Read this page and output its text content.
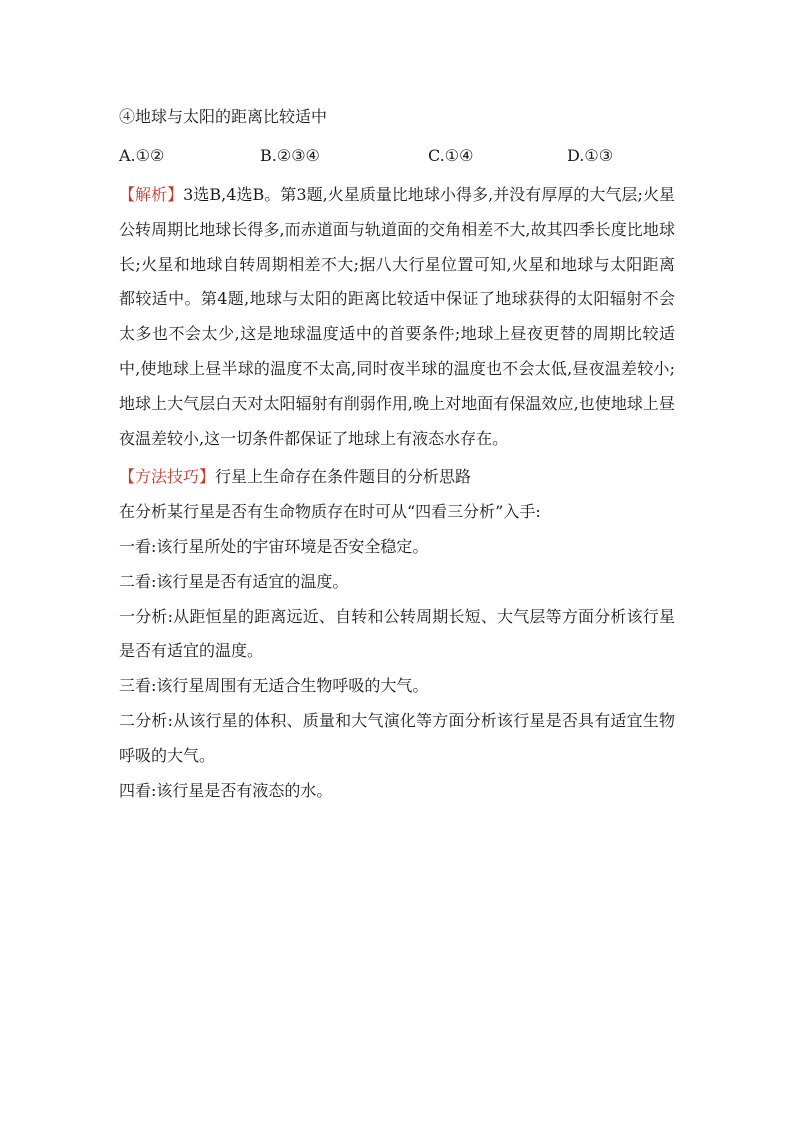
④地球与太阳的距离比较适中
A.①②	B.②③④	C.①④	D.①③
【解析】3选B,4选B。第3题,火星质量比地球小得多,并没有厚厚的大气层;火星公转周期比地球长得多,而赤道面与轨道面的交角相差不大,故其四季长度比地球长;火星和地球自转周期相差不大;据八大行星位置可知,火星和地球与太阳距离都较适中。第4题,地球与太阳的距离比较适中保证了地球获得的太阳辐射不会太多也不会太少,这是地球温度适中的首要条件;地球上昼夜更替的周期比较适中,使地球上昼半球的温度不太高,同时夜半球的温度也不会太低,昼夜温差较小;地球上大气层白天对太阳辐射有削弱作用,晚上对地面有保温效应,也使地球上昼夜温差较小,这一切条件都保证了地球上有液态水存在。
【方法技巧】行星上生命存在条件题目的分析思路
在分析某行星是否有生命物质存在时可从“四看三分析”入手:
一看:该行星所处的宇宙环境是否安全稳定。
二看:该行星是否有适宜的温度。
一分析:从距恒星的距离远近、自转和公转周期长短、大气层等方面分析该行星是否有适宜的温度。
三看:该行星周围有无适合生物呼吸的大气。
二分析:从该行星的体积、质量和大气演化等方面分析该行星是否具有适宜生物呼吸的大气。
四看:该行星是否有液态的水。
